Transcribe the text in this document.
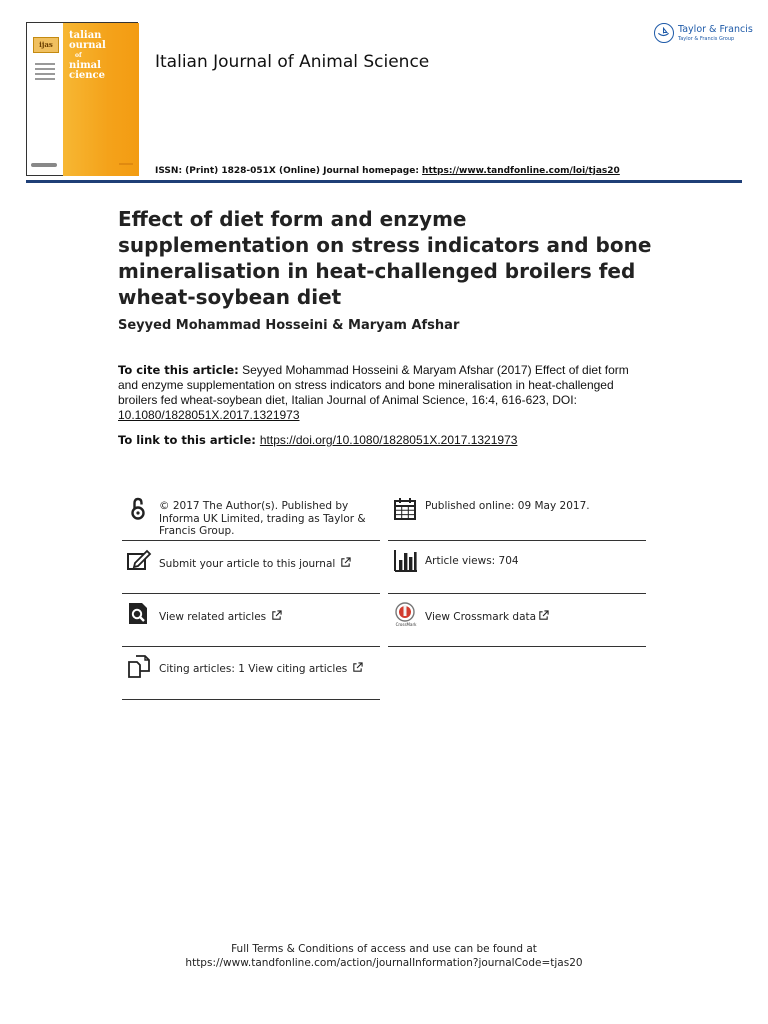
ijas
talian
ournal

of
nimal
cience
Italian Journal of Animal Science
ISSN: (Print) 1828-051X (Online) Journal homepage: https://www.tandfonline.com/loi/tjas20
Taylor & Francis
Taylor & Francis Group
Effect of diet form and enzyme supplementation on stress indicators and bone mineralisation in heat-challenged broilers fed wheat-soybean diet
Seyyed Mohammad Hosseini & Maryam Afshar
To cite this article: Seyyed Mohammad Hosseini & Maryam Afshar (2017) Effect of diet form and enzyme supplementation on stress indicators and bone mineralisation in heat-challenged broilers fed wheat-soybean diet, Italian Journal of Animal Science, 16:4, 616-623, DOI:
10.1080/1828051X.2017.1321973
To link to this article: https://doi.org/10.1080/1828051X.2017.1321973
© 2017 The Author(s). Published by Informa UK Limited, trading as Taylor & Francis Group.
Published online: 09 May 2017.
Submit your article to this journal	Article views: 704
View related articles
CrossMark
View Crossmark data
Citing articles: 1 View citing articles
Full Terms & Conditions of access and use can be found at
https://www.tandfonline.com/action/journalInformation?journalCode=tjas20
